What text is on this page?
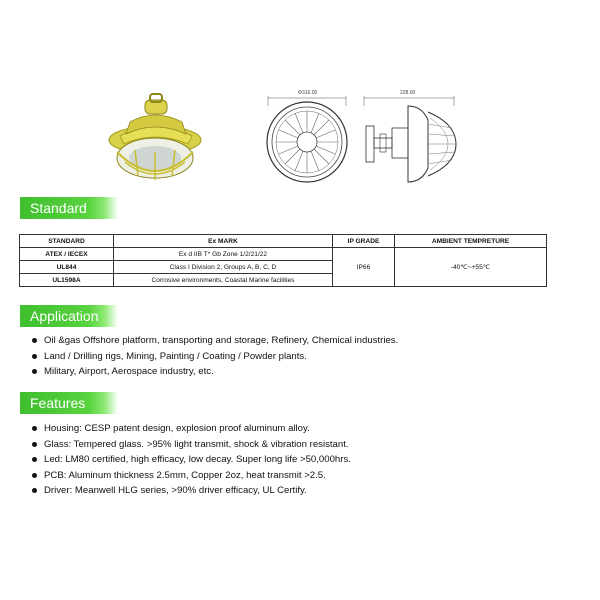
Φ316.00	228.00
Standard
STANDARD	Ex MARK	IP GRADE	AMBIENT TEMPRETURE
ATEX / IECEX	Ex d IIB T* Gb Zone 1/2/21/22	IP66	-40℃~+55℃
UL844	Class I Division 2, Groups A, B, C, D		
UL1598A	Corrosive environments, Coastal Marine facilities		
Application
Oil &gas Offshore platform, transporting and storage, Refinery, Chemical industries.
Land / Drilling rigs, Mining, Painting / Coating / Powder plants.
Military, Airport, Aerospace industry, etc.
Features
Housing: CESP patent design, explosion proof aluminum alloy.
Glass: Tempered glass. >95% light transmit, shock & vibration resistant.
Led: LM80 certified, high efficacy, low decay. Super long life >50,000hrs.
PCB: Aluminum thickness 2.5mm, Copper 2oz, heat transmit >2.5.
Driver: Meanwell HLG series, >90% driver efficacy, UL Certify.
